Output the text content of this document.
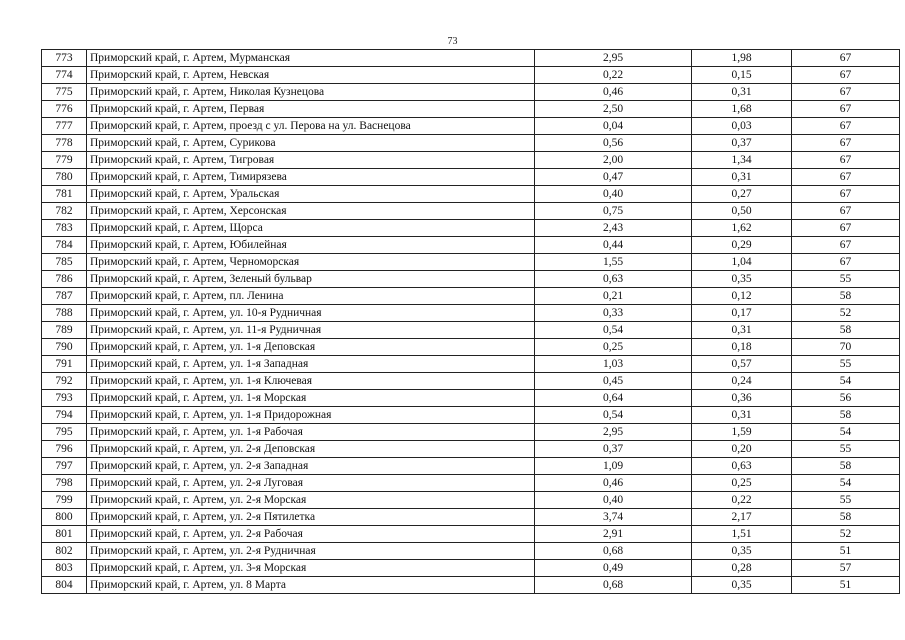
73
773	Приморский край, г. Артем, Мурманская	2,95	1,98	67
774	Приморский край, г. Артем, Невская	0,22	0,15	67
775	Приморский край, г. Артем, Николая Кузнецова	0,46	0,31	67
776	Приморский край, г. Артем, Первая	2,50	1,68	67
777	Приморский край, г. Артем, проезд с ул. Перова на ул. Васнецова	0,04	0,03	67
778	Приморский край, г. Артем, Сурикова	0,56	0,37	67
779	Приморский край, г. Артем, Тигровая	2,00	1,34	67
780	Приморский край, г. Артем, Тимирязева	0,47	0,31	67
781	Приморский край, г. Артем, Уральская	0,40	0,27	67
782	Приморский край, г. Артем, Херсонская	0,75	0,50	67
783	Приморский край, г. Артем, Щорса	2,43	1,62	67
784	Приморский край, г. Артем, Юбилейная	0,44	0,29	67
785	Приморский край, г. Артем, Черноморская	1,55	1,04	67
786	Приморский край, г. Артем, Зеленый бульвар	0,63	0,35	55
787	Приморский край, г. Артем, пл. Ленина	0,21	0,12	58
788	Приморский край, г. Артем, ул. 10-я Рудничная	0,33	0,17	52
789	Приморский край, г. Артем, ул. 11-я Рудничная	0,54	0,31	58
790	Приморский край, г. Артем, ул. 1-я Деповская	0,25	0,18	70
791	Приморский край, г. Артем, ул. 1-я Западная	1,03	0,57	55
792	Приморский край, г. Артем, ул. 1-я Ключевая	0,45	0,24	54
793	Приморский край, г. Артем, ул. 1-я Морская	0,64	0,36	56
794	Приморский край, г. Артем, ул. 1-я Придорожная	0,54	0,31	58
795	Приморский край, г. Артем, ул. 1-я Рабочая	2,95	1,59	54
796	Приморский край, г. Артем, ул. 2-я Деповская	0,37	0,20	55
797	Приморский край, г. Артем, ул. 2-я Западная	1,09	0,63	58
798	Приморский край, г. Артем, ул. 2-я Луговая	0,46	0,25	54
799	Приморский край, г. Артем, ул. 2-я Морская	0,40	0,22	55
800	Приморский край, г. Артем, ул. 2-я Пятилетка	3,74	2,17	58
801	Приморский край, г. Артем, ул. 2-я Рабочая	2,91	1,51	52
802	Приморский край, г. Артем, ул. 2-я Рудничная	0,68	0,35	51
803	Приморский край, г. Артем, ул. 3-я Морская	0,49	0,28	57
804	Приморский край, г. Артем, ул. 8 Марта	0,68	0,35	51
